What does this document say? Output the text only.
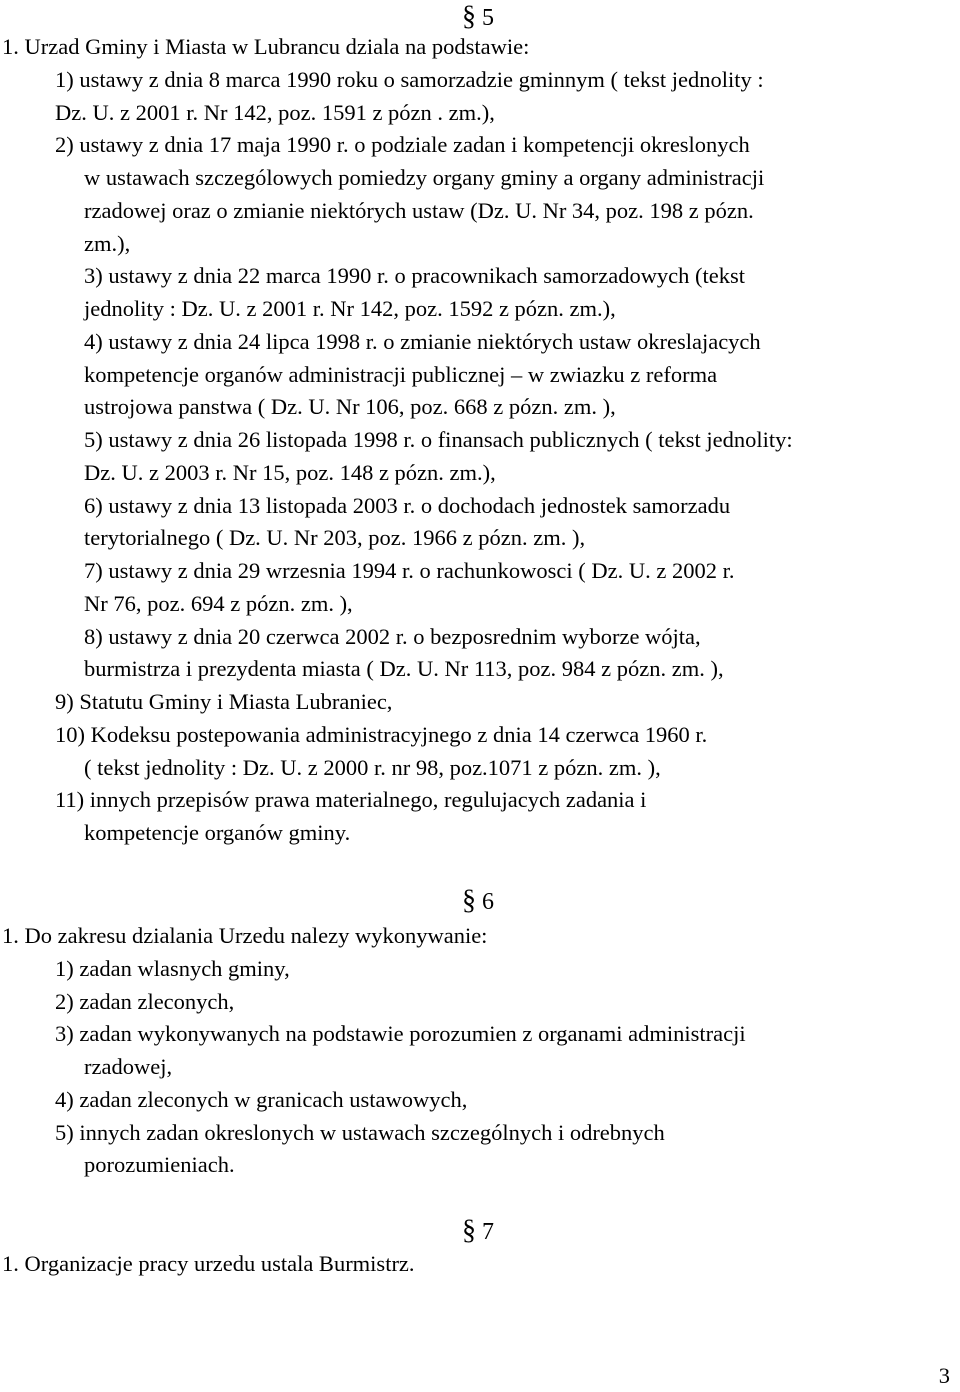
§ 5
1. Urzad Gminy i Miasta w Lubrancu dziala na podstawie:
1) ustawy z dnia 8 marca 1990 roku o samorzadzie gminnym ( tekst jednolity :
Dz. U. z 2001 r. Nr 142, poz. 1591 z pózn . zm.),
2) ustawy z dnia 17 maja 1990 r. o podziale zadan i kompetencji okreslonych
w ustawach szczególowych pomiedzy organy gminy a organy administracji
rzadowej oraz o zmianie niektórych ustaw (Dz. U. Nr 34, poz. 198 z pózn.
zm.),
3) ustawy z dnia 22 marca 1990 r. o pracownikach samorzadowych (tekst
jednolity : Dz. U. z 2001 r. Nr 142, poz. 1592 z pózn. zm.),
4) ustawy z dnia 24 lipca 1998 r. o zmianie niektórych ustaw okreslajacych
kompetencje organów administracji publicznej – w zwiazku z reforma
ustrojowa panstwa ( Dz. U. Nr 106, poz. 668 z pózn. zm. ),
5) ustawy z dnia 26 listopada 1998 r. o finansach publicznych ( tekst jednolity:
Dz. U. z 2003 r. Nr 15, poz. 148 z pózn. zm.),
6) ustawy z dnia 13 listopada 2003 r. o dochodach jednostek samorzadu
terytorialnego ( Dz. U. Nr 203, poz. 1966 z pózn. zm. ),
7) ustawy z dnia 29 wrzesnia 1994 r. o rachunkowosci ( Dz. U. z 2002 r.
Nr 76, poz. 694 z pózn. zm. ),
8) ustawy z dnia 20 czerwca 2002 r. o bezposrednim wyborze wójta,
burmistrza i prezydenta miasta ( Dz. U. Nr 113, poz. 984 z pózn. zm. ),
9) Statutu Gminy i Miasta Lubraniec,
10) Kodeksu postepowania administracyjnego z dnia 14 czerwca 1960 r.
( tekst jednolity : Dz. U. z 2000 r. nr 98, poz.1071 z pózn. zm. ),
11) innych przepisów prawa materialnego, regulujacych zadania i
kompetencje organów gminy.
§ 6
1. Do zakresu dzialania Urzedu nalezy wykonywanie:
1) zadan wlasnych gminy,
2) zadan zleconych,
3) zadan wykonywanych na podstawie porozumien z organami administracji
rzadowej,
4) zadan zleconych w granicach ustawowych,
5) innych zadan okreslonych w ustawach szczególnych i odrebnych
porozumieniach.
§ 7
1. Organizacje pracy urzedu ustala Burmistrz.
3
